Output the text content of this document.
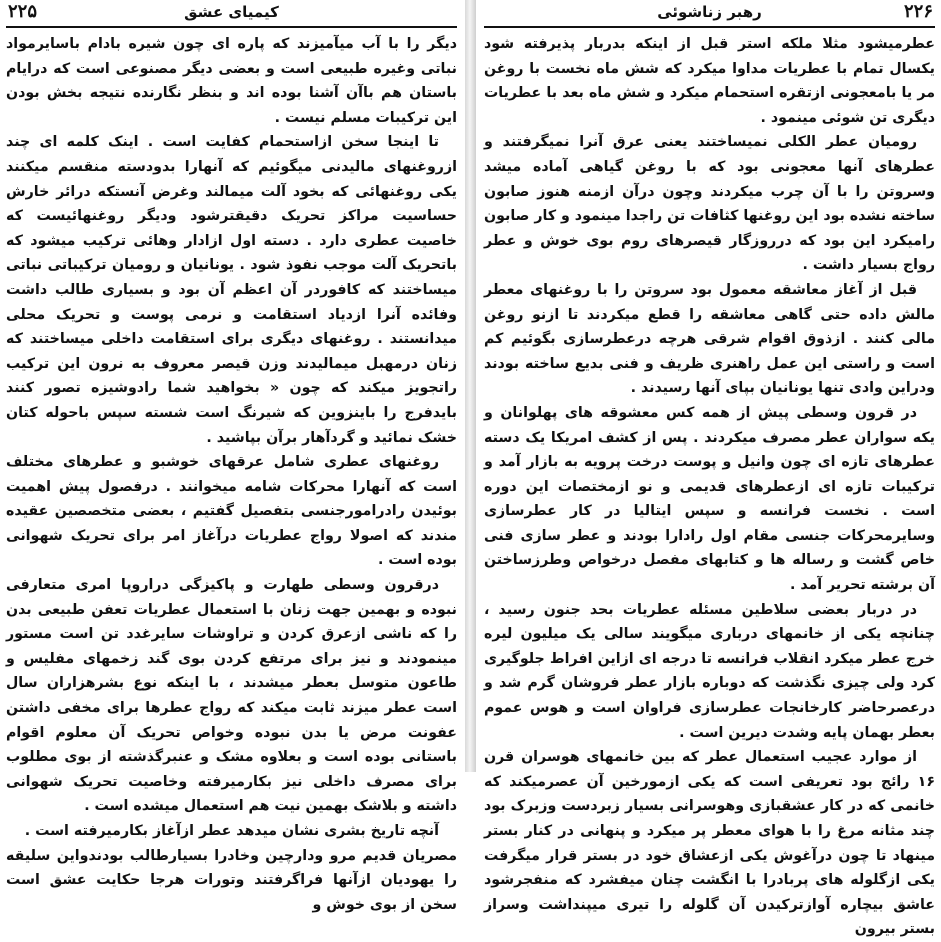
کیمیای عشق
۲۲۵

دیگر را با آب میآمیزند که پاره ای چون شیره بادام باسایرمواد نباتی وغیره طبیعی است و بعضی دیگر مصنوعی است که درایام باستان هم باآن آشنا بوده اند و بنظر نگارنده نتیجه بخش بودن این ترکیبات مسلم نیست .

تا اینجا سخن ازاستحمام کفایت است . اینک کلمه ای چند ازروغنهای مالیدنی میگوئیم که آنهارا بدودسته منقسم میکنند یکی روغنهائی که بخود آلت میمالند وغرض آنستکه درائر خارش حساسیت مراکز تحریک دقیقترشود ودیگر روغنهائیست که خاصیت عطری دارد . دسته اول ازادار وهائی ترکیب میشود که باتحریک آلت موجب نفوذ شود . یونانیان و رومیان ترکیباتی نباتی میساختند که کافوردر آن اعظم آن بود و بسیاری طالب داشت وفائده آنرا ازدیاد استقامت و نرمی پوست و تحریک محلی میدانستند . روغنهای دیگری برای استقامت داخلی میساختند که زنان درمهبل میمالیدند وزن قیصر معروف به نرون این ترکیب راتجویز میکند که چون « بخواهید شما رادوشیزه تصور کنند بایدفرج را باینزوین که شیرنگ است شسته سپس باحوله کتان خشک نمائید و گردآهار برآن بپاشید .

روغنهای عطری شامل عرقهای خوشبو و عطرهای مختلف است که آنهارا محرکات شامه میخوانند . درفصول پیش اهمیت بوئیدن رادرامورجنسی بتفصیل گفتیم ، بعضی متخصصین عقیده مندند که اصولا رواج عطریات درآغاز امر برای تحریک شهوانی بوده است .

درقرون وسطی طهارت و پاکیزگی دراروپا امری متعارفی نبوده و بهمین جهت زنان با استعمال عطریات تعفن طبیعی بدن را که ناشی ازعرق کردن و تراوشات سایرغدد تن است مستور مینمودند و نیز برای مرتفع کردن بوی گند زخمهای مفلیس و طاعون متوسل بعطر میشدند ، با اینکه نوع بشرهزاران سال است عطر میزند ثابت میکند که رواج عطرها برای مخفی داشتن عفونت مرض یا بدن نبوده وخواص تحریک آن معلوم اقوام باستانی بوده است و بعلاوه مشک و عنبرگذشته از بوی مطلوب برای مصرف داخلی نیز بکارمیرفته وخاصیت تحریک شهوانی داشته و بلاشک بهمین نیت هم استعمال میشده است .

آنچه تاریخ بشری نشان میدهد عطر ازآغاز بکارمیرفته است .

مصریان قدیم مرو ودارچین وخادرا بسیارطالب بودندواین سلیقه را یهودیان ازآنها فراگرفتند وتورات هرجا حکایت عشق است سخن از بوی خوش و

رهبر زناشوئی	۲۲۶

عطرمیشود مثلا ملکه استر قبل از اینکه بدربار پذیرفته شود یکسال تمام با عطریات مداوا میکرد که شش ماه نخست با روغن مر یا بامعجونی ازتقره استحمام میکرد و شش ماه بعد با عطریات دیگری تن شوئی مینمود .

رومیان عطر الکلی نمیساختند یعنی عرق آنرا نمیگرفتند و عطرهای آنها معجونی بود که با روغن گیاهی آماده میشد وسروتن را با آن چرب میکردند وچون درآن ازمنه هنوز صابون ساخته نشده بود این روغنها کثافات تن راجدا مینمود و کار صابون رامیکرد این بود که درروزگار قیصرهای روم بوی خوش و عطر رواج بسیار داشت .

قبل از آغاز معاشقه معمول بود سروتن را با روغنهای معطر مالش داده حتی گاهی معاشقه را قطع میکردند تا ازنو روغن مالی کنند . ازذوق اقوام شرقی هرچه درعطرسازی بگوئیم کم است و راستی این عمل راهنری ظریف و فنی بدیع ساخته بودند ودراین وادی تنها یونانیان بپای آنها رسیدند .

در قرون وسطی پیش از همه کس معشوقه های پهلوانان و یکه سواران عطر مصرف میکردند . پس از کشف امریکا یک دسته عطرهای تازه ای چون وانیل و پوست درخت پرویه به بازار آمد و ترکیبات تازه ای ازعطرهای قدیمی و نو ازمختصات این دوره است . نخست فرانسه و سپس ایتالیا در کار عطرسازی وسایرمحرکات جنسی مقام اول رادارا بودند و عطر سازی فنی خاص گشت و رساله ها و کتابهای مفصل درخواص وطرزساختن آن برشته تحریر آمد .

در دربار بعضی سلاطین مسئله عطریات بحد جنون رسید ، چنانچه یکی از خانمهای درباری میگویند سالی یک میلیون لیره خرج عطر میکرد انقلاب فرانسه تا درجه ای ازاین افراط جلوگیری کرد ولی چیزی نگذشت که دوباره بازار عطر فروشان گرم شد و درعصرحاضر کارخانجات عطرسازی فراوان است و هوس عموم بعطر بهمان پایه وشدت دیرین است .

از موارد عجیب استعمال عطر که بین خانمهای هوسران قرن ۱۶ رائج بود تعریفی است که یکی ازمورخین آن عصرمیکند که خانمی که در کار عشقبازی وهوسرانی بسیار زبردست وزبرک بود چند مثانه مرغ را با هوای معطر پر میکرد و پنهانی در کنار بستر مینهاد تا چون درآغوش یکی ازعشاق خود در بستر قرار میگرفت یکی ازگلوله های پربادرا با انگشت چنان میفشرد که منفجرشود عاشق بیچاره آوازترکیدن آن گلوله را تیری میپنداشت وسراز بستر بیرون
